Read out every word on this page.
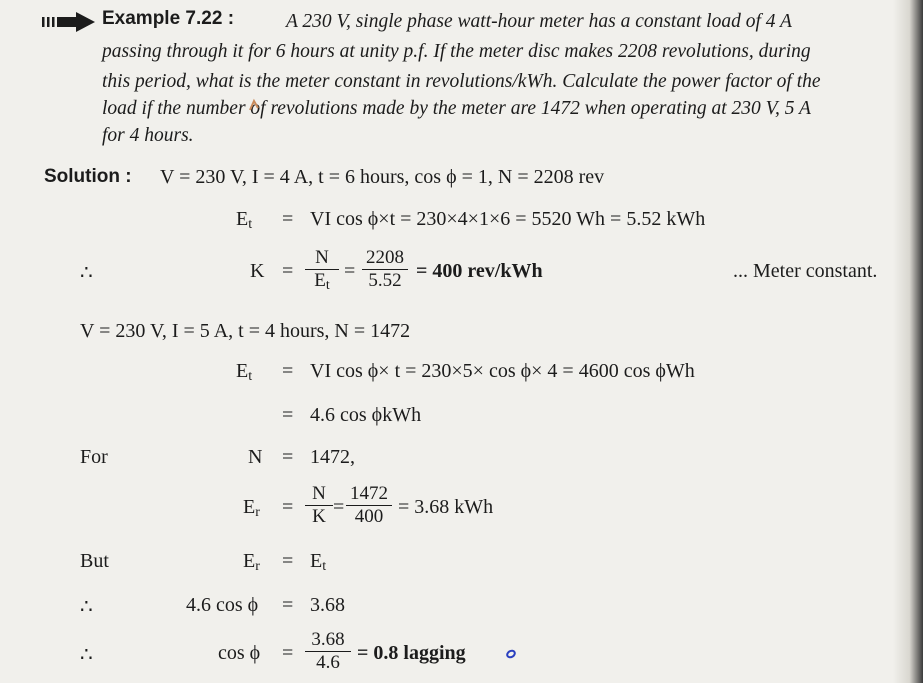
Example 7.22 :	A 230 V, single phase watt-hour meter has a constant load of 4 A
passing through it for 6 hours at unity p.f. If the meter disc makes 2208 revolutions, during
this period, what is the meter constant in revolutions/kWh. Calculate the power factor of the
load if the number of revolutions made by the meter are 1472 when operating at 230 V, 5 A
for 4 hours.
Solution : V = 230 V, I = 4 A, t = 6 hours, cos ϕ = 1, N = 2208 rev
Et = VI cos ϕ×t = 230×4×1×6 = 5520 Wh = 5.52 kWh
∴	$K = \frac{N}{Et} = \frac{2208}{5.52} = 400$ rev/kWh	... Meter constant.
V = 230 V, I = 5 A, t = 4 hours, N = 1472
Et = VI cos ϕ× t = 230×5× cos ϕ× 4 = 4600 cos ϕWh
= 4.6 cos ϕkWh
For	N = 1472,
$Er = \frac{N}{K} = \frac{1472}{400} = 3.68$ kWh
But	Er = Et
∴	4.6 cos ϕ = 3.68
∴	$\cos \phi = \frac{3.68}{4.6} = 0.8$ lagging
